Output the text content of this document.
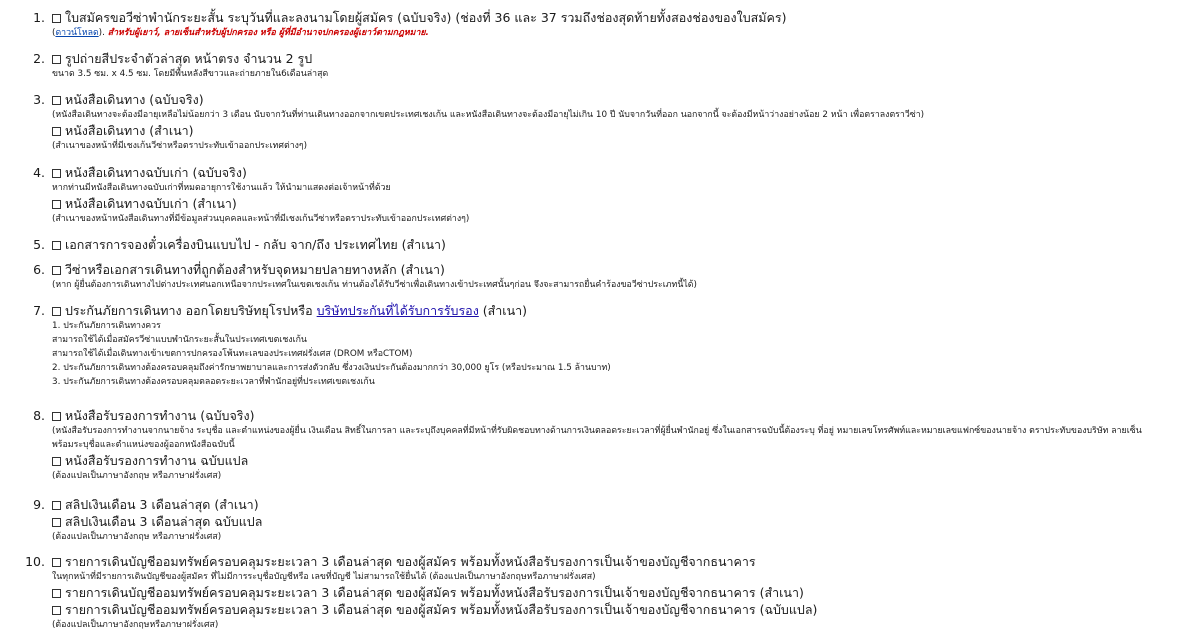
1.	ใบสมัครขอวีซ่าพำนักระยะสั้น ระบุวันที่และลงนามโดยผู้สมัคร (ฉบับจริง) (ช่องที่ 36 และ 37 รวมถึงช่องสุดท้ายทั้งสองช่องของใบสมัคร)
(ดาวน์โหลด). สำหรับผู้เยาว์, ลายเซ็นสำหรับผู้ปกครอง หรือ ผู้ที่มีอำนาจปกครองผู้เยาว์ตามกฎหมาย.
2.	รูปถ่ายสีประจำตัวล่าสุด หน้าตรง จำนวน 2 รูป
ขนาด 3.5 ซม. x 4.5 ซม. โดยมีพื้นหลังสีขาวและถ่ายภายใน6เดือนล่าสุด
3.	หนังสือเดินทาง (ฉบับจริง)
(หนังสือเดินทางจะต้องมีอายุเหลือไม่น้อยกว่า 3 เดือน นับจากวันที่ท่านเดินทางออกจากเขตประเทศเชงเก้น และหนังสือเดินทางจะต้องมีอายุไม่เกิน 10 ปี นับจากวันที่ออก นอกจากนี้ จะต้องมีหน้าว่างอย่างน้อย 2 หน้า เพื่อตราลงตราวีซ่า)
หนังสือเดินทาง (สำเนา)
(สำเนาของหน้าที่มีเชงเก้นวีซ่าหรือตราประทับเข้าออกประเทศต่างๆ)
4.	หนังสือเดินทางฉบับเก่า (ฉบับจริง)
หากท่านมีหนังสือเดินทางฉบับเก่าที่หมดอายุการใช้งานแล้ว ให้นำมาแสดงต่อเจ้าหน้าที่ด้วย
หนังสือเดินทางฉบับเก่า (สำเนา)
(สำเนาของหน้าหนังสือเดินทางที่มีข้อมูลส่วนบุคคลและหน้าที่มีเชงเก้นวีซ่าหรือตราประทับเข้าออกประเทศต่างๆ)
5.	เอกสารการจองตั๋วเครื่องบินแบบไป - กลับ จาก/ถึง ประเทศไทย (สำเนา)
6.	วีซ่าหรือเอกสารเดินทางที่ถูกต้องสำหรับจุดหมายปลายทางหลัก (สำเนา)
(หาก ผู้ยื่นต้องการเดินทางไปต่างประเทศนอกเหนือจากประเทศในเขตเชงเก้น ท่านต้องได้รับวีซ่าเพื่อเดินทางเข้าประเทศนั้นๆก่อน จึงจะสามารถยื่นคำร้องขอวีซ่าประเภทนี้ได้)
7.	ประกันภัยการเดินทาง ออกโดยบริษัทยุโรปหรือ บริษัทประกันที่ได้รับการรับรอง (สำเนา)
1. ประกันภัยการเดินทางควร
สามารถใช้ได้เมื่อสมัครวีซ่าแบบพำนักระยะสั้นในประเทศเขตเชงเก้น
สามารถใช้ได้เมื่อเดินทางเข้าเขตการปกครองโพ้นทะเลของประเทศฝรั่งเศส (DROM หรือCTOM)
2. ประกันภัยการเดินทางต้องครอบคลุมถึงค่ารักษาพยาบาลและการส่งตัวกลับ ซึ่งวงเงินประกันต้องมากกว่า 30,000 ยูโร (หรือประมาณ 1.5 ล้านบาท)
3. ประกันภัยการเดินทางต้องครอบคลุมตลอดระยะเวลาที่พำนักอยู่ที่ประเทศเขตเชงเก้น
8.	หนังสือรับรองการทำงาน (ฉบับจริง)
(หนังสือรับรองการทำงานจากนายจ้าง ระบุชื่อ และตำแหน่งของผู้ยื่น เงินเดือน สิทธิ์ในการลา และระบุถึงบุคคลที่มีหน้าที่รับผิดชอบทางด้านการเงินตลอดระยะเวลาที่ผู้ยื่นพำนักอยู่ ซึ่งในเอกสารฉบับนี้ต้องระบุ ที่อยู่ หมายเลขโทรศัพท์และหมายเลขแฟกซ์ของนายจ้าง ตราประทับของบริษัท ลายเซ็น พร้อมระบุชื่อและตำแหน่งของผู้ออกหนังสือฉบับนี้
หนังสือรับรองการทำงาน ฉบับแปล
(ต้องแปลเป็นภาษาอังกฤษ หรือภาษาฝรั่งเศส)
9.	สลิปเงินเดือน 3 เดือนล่าสุด (สำเนา)
สลิปเงินเดือน 3 เดือนล่าสุด ฉบับแปล
(ต้องแปลเป็นภาษาอังกฤษ หรือภาษาฝรั่งเศส)
10.	รายการเดินบัญชีออมทรัพย์ครอบคลุมระยะเวลา 3 เดือนล่าสุด ของผู้สมัคร พร้อมทั้งหนังสือรับรองการเป็นเจ้าของบัญชีจากธนาคาร
ในทุกหน้าที่มีรายการเดินบัญชีของผู้สมัคร ที่ไม่มีการระบุชื่อบัญชีหรือ เลขที่บัญชี ไม่สามารถใช้ยื่นได้ (ต้องแปลเป็นภาษาอังกฤษหรือภาษาฝรั่งเศส)
รายการเดินบัญชีออมทรัพย์ครอบคลุมระยะเวลา 3 เดือนล่าสุด ของผู้สมัคร พร้อมทั้งหนังสือรับรองการเป็นเจ้าของบัญชีจากธนาคาร (สำเนา)
รายการเดินบัญชีออมทรัพย์ครอบคลุมระยะเวลา 3 เดือนล่าสุด ของผู้สมัคร พร้อมทั้งหนังสือรับรองการเป็นเจ้าของบัญชีจากธนาคาร (ฉบับแปล)
(ต้องแปลเป็นภาษาอังกฤษหรือภาษาฝรั่งเศส)
